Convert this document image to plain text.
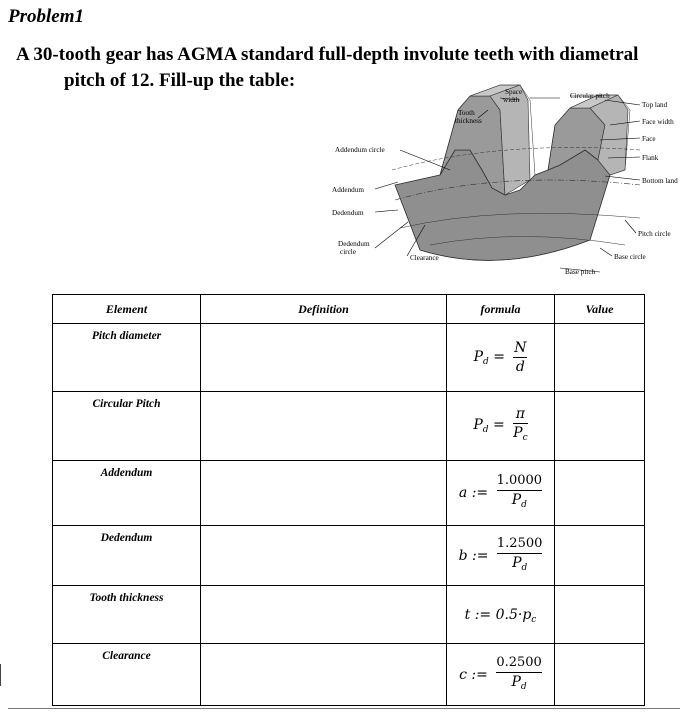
Problem1
A 30-tooth gear has AGMA standard full-depth involute teeth with diametral
pitch of 12. Fill-up the table:
Space
width
Tooth
thickness
Circular pitch
Top land
Face width
Face
Flank
Bottom land
Addendum circle
Addendum
Dedendum
Dedendum
circle
Clearance
Pitch circle
Base circle
Base pitch
Element	Definition	formula	Value

Pitch diameter		$P_d = \frac{N}{d}$

Circular Pitch		$P_d = \frac{\pi}{P_c}$

Addendum		a := $\frac{1.0000}{P_d}$

Dedendum		b := $\frac{1.2500}{P_d}$

Tooth thickness		t := $0.5\cdot p_c$	

Clearance		c := $\frac{0.2500}{P_d}$
